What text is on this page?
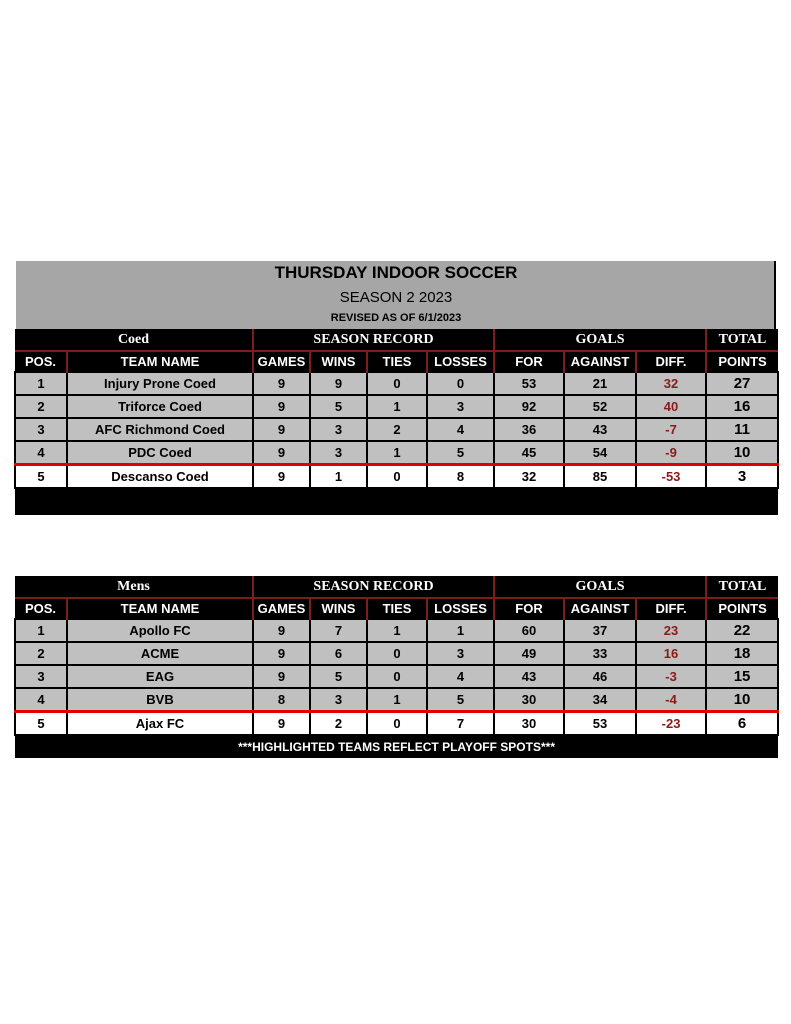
THURSDAY INDOOR SOCCER
SEASON 2 2023
REVISED AS OF 6/1/2023
Coed		SEASON RECORD				GOALS			TOTAL
POS.	TEAM NAME	GAMES	WINS	TIES	LOSSES	FOR	AGAINST	DIFF.	POINTS
1	Injury Prone Coed	9	9	0	0	53	21	32	27
2	Triforce Coed	9	5	1	3	92	52	40	16
3	AFC Richmond Coed	9	3	2	4	36	43	-7	11
4	PDC Coed	9	3	1	5	45	54	-9	10
5	Descanso Coed	9	1	0	8	32	85	-53	3

Mens		SEASON RECORD				GOALS			TOTAL
POS.	TEAM NAME	GAMES	WINS	TIES	LOSSES	FOR	AGAINST	DIFF.	POINTS
1	Apollo FC	9	7	1	1	60	37	23	22
2	ACME	9	6	0	3	49	33	16	18
3	EAG	9	5	0	4	43	46	-3	15
4	BVB	8	3	1	5	30	34	-4	10
5	Ajax FC	9	2	0	7	30	53	-23	6
***HIGHLIGHTED TEAMS REFLECT PLAYOFF SPOTS***									
